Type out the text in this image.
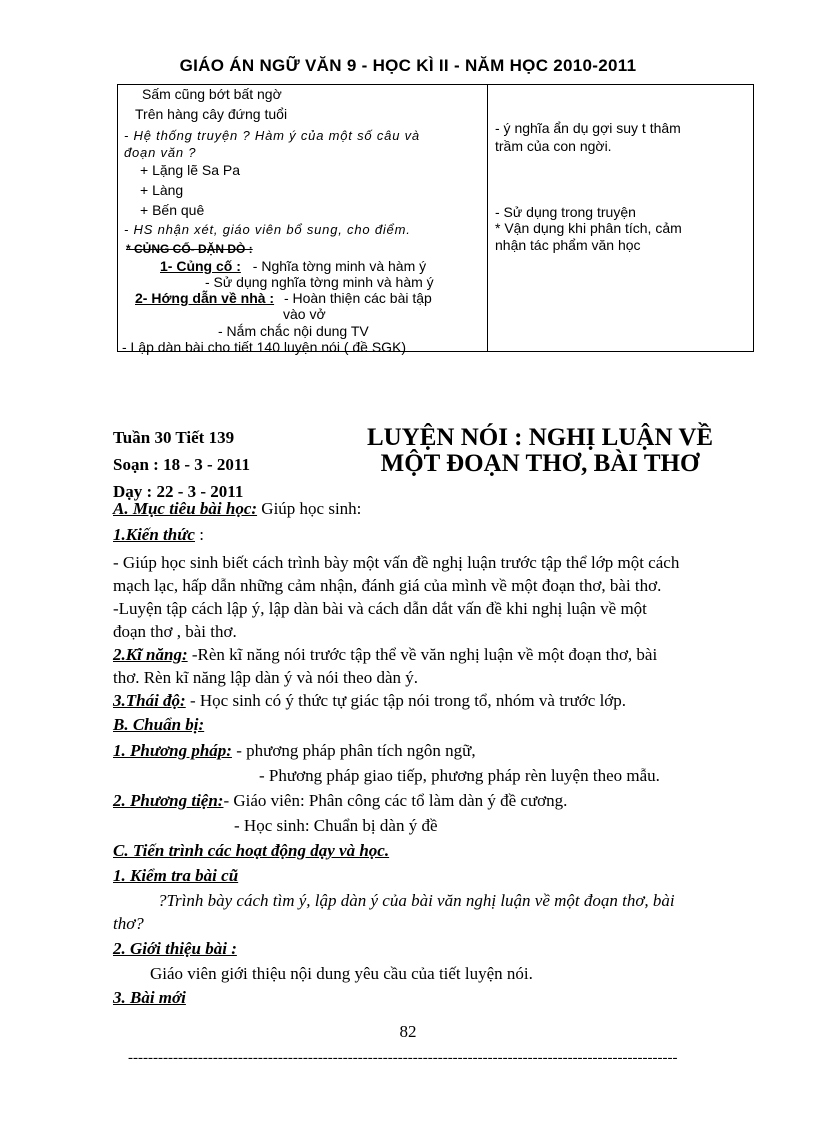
GIÁO ÁN NGỮ VĂN 9 - HỌC KÌ II - NĂM HỌC 2010-2011
Sấm cũng bớt bất ngờ
Trên hàng cây đứng tuổi
- Hệ thống truyện ? Hàm ý của một số câu và
đoạn văn ?
+ Lặng lẽ Sa Pa
+ Làng
+ Bến quê
- HS nhận xét, giáo viên bổ sung, cho điểm.
* CỦNG CỐ- DẶN DÒ :
1- Củng cố : - Nghĩa tờng minh và hàm ý
- Sử dụng nghĩa tờng minh và hàm ý
2- Hớng dẫn về nhà : - Hoàn thiện các bài tập
vào vở
- Nắm chắc nội dung TV
- Lập dàn bài cho tiết 140 luyện nói ( đề SGK)
- ý nghĩa ẩn dụ gợi suy t thâm
trầm của con ngời.
- Sử dụng trong truyện
* Vận dụng khi phân tích, cảm
nhận tác phẩm văn học
Tuần 30 Tiết 139
Soạn : 18 - 3 - 2011
Dạy : 22 - 3 - 2011
LUYỆN NÓI : NGHỊ LUẬN VỀ
MỘT ĐOẠN THƠ, BÀI THƠ
A. Mục tiêu bài học: Giúp học sinh:
1.Kiến thức :
- Giúp học sinh biết cách trình bày một vấn đề nghị luận trước tập thể lớp một cách
mạch lạc, hấp dẫn những cảm nhận, đánh giá của mình về một đoạn thơ, bài thơ.
-Luyện tập cách lập ý, lập dàn bài và cách dẫn dắt vấn đề khi nghị luận về một
đoạn thơ , bài thơ.
2.Kĩ năng: -Rèn kĩ năng nói trước tập thể về văn nghị luận về một đoạn thơ, bài
thơ. Rèn kĩ năng lập dàn ý và nói theo dàn ý.
3.Thái độ: - Học sinh có ý thức tự giác tập nói trong tổ, nhóm và trước lớp.
B. Chuẩn bị:
1. Phương pháp: - phương pháp phân tích ngôn ngữ,
- Phương pháp giao tiếp, phương pháp rèn luyện theo mẫu.
2. Phương tiện:- Giáo viên: Phân công các tổ làm dàn ý đề cương.
- Học sinh: Chuẩn bị dàn ý đề
C. Tiến trình các hoạt động dạy và học.
1. Kiểm tra bài cũ
?Trình bày cách tìm ý, lập dàn ý của bài văn nghị luận về một đoạn thơ, bài
thơ?
2. Giới thiệu bài :
Giáo viên giới thiệu nội dung yêu cầu của tiết luyện nói.
3. Bài mới
82
--------------------------------------------------------------------------------------------------------------
